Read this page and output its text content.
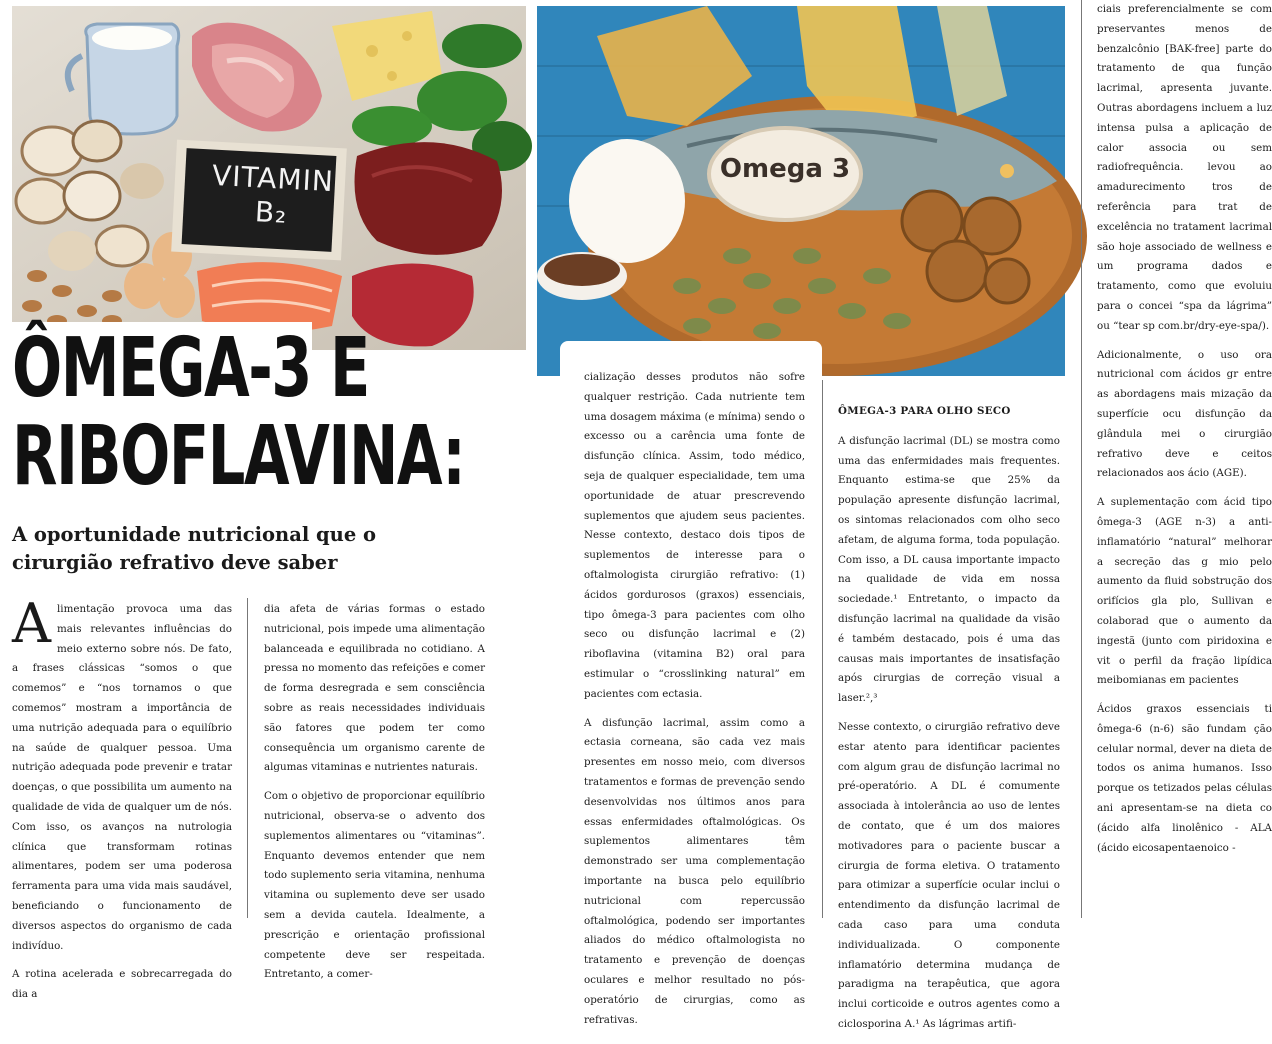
VITAMIN B₂
Omega 3
ÔMEGA-3 E
RIBOFLAVINA:
A oportunidade nutricional que o cirurgião refrativo deve saber

A limentação provoca uma das mais relevantes influências do meio externo sobre nós. De fato, a frases clássicas “somos o que comemos” e “nos tornamos o que comemos” mostram a importância de uma nutrição adequada para o equilíbrio na saúde de qualquer pessoa. Uma nutrição adequada pode prevenir e tratar doenças, o que possibilita um aumento na qualidade de vida de qualquer um de nós. Com isso, os avanços na nutrologia clínica que transformam rotinas alimentares, podem ser uma poderosa ferramenta para uma vida mais saudável, beneficiando o funcionamento de diversos aspectos do organismo de cada indivíduo.

A rotina acelerada e sobrecarregada do dia a

dia afeta de várias formas o estado nutricional, pois impede uma alimentação balanceada e equilibrada no cotidiano. A pressa no momento das refeições e comer de forma desregrada e sem consciência sobre as reais necessidades individuais são fatores que podem ter como consequência um organismo carente de algumas vitaminas e nutrientes naturais.

Com o objetivo de proporcionar equilíbrio nutricional, observa-se o advento dos suplementos alimentares ou “vitaminas”. Enquanto devemos entender que nem todo suplemento seria vitamina, nenhuma vitamina ou suplemento deve ser usado sem a devida cautela. Idealmente, a prescrição e orientação profissional competente deve ser respeitada. Entretanto, a comer-

cialização desses produtos não sofre qualquer restrição. Cada nutriente tem uma dosagem máxima (e mínima) sendo o excesso ou a carência uma fonte de disfunção clínica. Assim, todo médico, seja de qualquer especialidade, tem uma oportunidade de atuar prescrevendo suplementos que ajudem seus pacientes. Nesse contexto, destaco dois tipos de suplementos de interesse para o oftalmologista cirurgião refrativo: (1) ácidos gordurosos (graxos) essenciais, tipo ômega-3 para pacientes com olho seco ou disfunção lacrimal e (2) riboflavina (vitamina B2) oral para estimular o “crosslinking natural” em pacientes com ectasia.

A disfunção lacrimal, assim como a ectasia corneana, são cada vez mais presentes em nosso meio, com diversos tratamentos e formas de prevenção sendo desenvolvidas nos últimos anos para essas enfermidades oftalmológicas. Os suplementos alimentares têm demonstrado ser uma complementação importante na busca pelo equilíbrio nutricional com repercussão oftalmológica, podendo ser importantes aliados do médico oftalmologista no tratamento e prevenção de doenças oculares e melhor resultado no pós-operatório de cirurgias, como as refrativas.

ÔMEGA-3 PARA OLHO SECO

A disfunção lacrimal (DL) se mostra como uma das enfermidades mais frequentes. Enquanto estima-se que 25% da população apresente disfunção lacrimal, os sintomas relacionados com olho seco afetam, de alguma forma, toda população. Com isso, a DL causa importante impacto na qualidade de vida em nossa sociedade.¹ Entretanto, o impacto da disfunção lacrimal na qualidade da visão é também destacado, pois é uma das causas mais importantes de insatisfação após cirurgias de correção visual a laser.²,³

Nesse contexto, o cirurgião refrativo deve estar atento para identificar pacientes com algum grau de disfunção lacrimal no pré-operatório. A DL é comumente associada à intolerância ao uso de lentes de contato, que é um dos maiores motivadores para o paciente buscar a cirurgia de forma eletiva. O tratamento para otimizar a superfície ocular inclui o entendimento da disfunção lacrimal de cada caso para uma conduta individualizada. O componente inflamatório determina mudança de paradigma na terapêutica, que agora inclui corticoide e outros agentes como a ciclosporina A.¹ As lágrimas artifi-

ciais preferencialmente se com preservantes menos de benzalcônio [BAK-free] parte do tratamento de qua função lacrimal, apresenta juvante. Outras abordagens incluem a luz intensa pulsa a aplicação de calor associa ou sem radiofrequência. levou ao amadurecimento tros de referência para trat de excelência no tratament lacrimal são hoje associado de wellness e um programa dados e tratamento, como que evoluiu para o concei “spa da lágrima” ou “tear sp com.br/dry-eye-spa/).

Adicionalmente, o uso ora nutricional com ácidos gr entre as abordagens mais mização da superfície ocu disfunção da glândula mei o cirurgião refrativo deve e ceitos relacionados aos ácio (AGE).

A suplementação com ácid tipo ômega-3 (AGE n-3) a anti-inflamatório “natural” melhorar a secreção das g mio pelo aumento da fluid sobstrução dos orifícios gla plo, Sullivan e colaborad que o aumento da ingestã (junto com piridoxina e vit o perfil da fração lipídica meibomianas em pacientes

Ácidos graxos essenciais ti ômega-6 (n-6) são fundam ção celular normal, dever na dieta de todos os anima humanos. Isso porque os tetizados pelas células ani apresentam-se na dieta co (ácido alfa linolênico - ALA (ácido eicosapentaenoico -
